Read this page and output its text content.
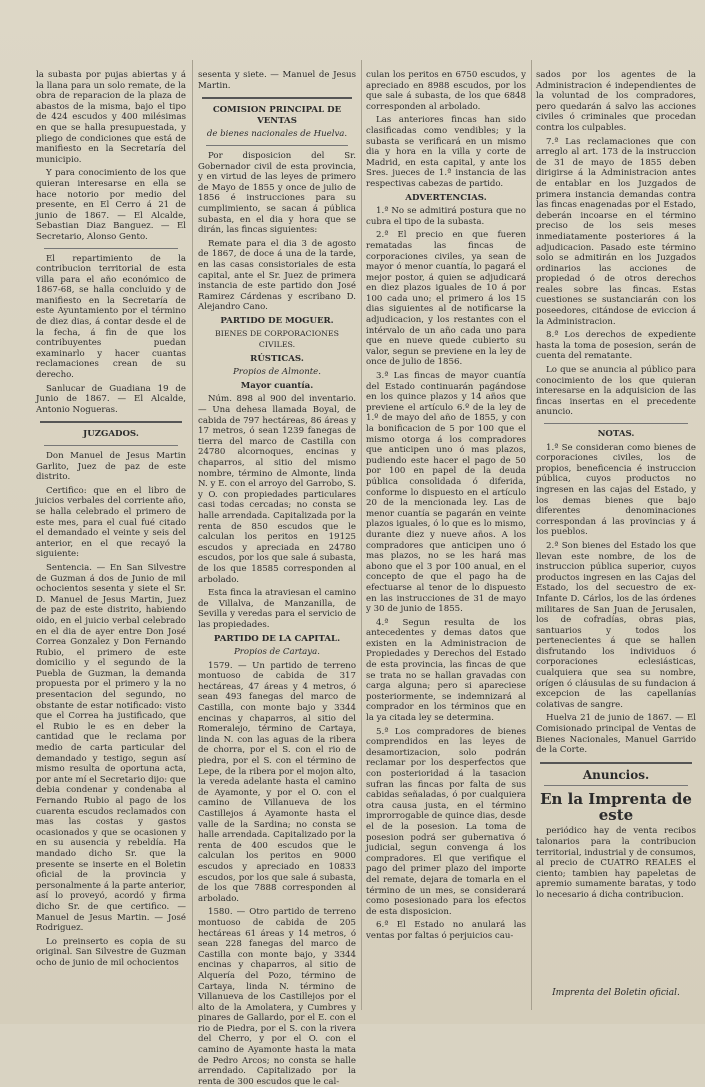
la subasta por pujas abiertas y á la llana para un solo remate, de la obra de reparacion de la plaza de abastos de la misma, bajo el tipo de 424 escudos y 400 milésimas en que se halla presupuestada, y pliego de condiciones que está de manifiesto en la Secretaría del municipio.

Y para conocimiento de los que quieran interesarse en ella se hace notorio por medio del presente, en El Cerro á 21 de junio de 1867. — El Alcalde, Sebastian Diaz Banguez. — El Secretario, Alonso Gento.

El repartimiento de la contribucion territorial de esta villa para el año económico de 1867-68, se halla concluido y de manifiesto en la Secretaría de este Ayuntamiento por el término de diez dias, á contar desde el de la fecha, á fin de que los contribuyentes puedan examinarlo y hacer cuantas reclamaciones crean de su derecho.

Sanlucar de Guadiana 19 de Junio de 1867. — El Alcalde, Antonio Nogueras.

JUZGADOS.

Don Manuel de Jesus Martin Garlito, Juez de paz de este distrito.

Certifico: que en el libro de juicios verbales del corriente año, se halla celebrado el primero de este mes, para el cual fué citado el demandado el veinte y seis del anterior, en el que recayó la siguiente:

Sentencia. — En San Silvestre de Guzman á dos de Junio de mil ochocientos sesenta y siete el Sr. D. Manuel de Jesus Martin, Juez de paz de este distrito, habiendo oido, en el juicio verbal celebrado en el dia de ayer entre Don José Correa Gonzalez y Don Fernando Rubio, el primero de este domicilio y el segundo de la Puebla de Guzman, la demanda propuesta por el primero y la no presentacion del segundo, no obstante de estar notificado: visto que el Correa ha justificado, que el Rubio le es en deber la cantidad que le reclama por medio de carta particular del demandado y testigo, segun así mismo resulta de oportuna acta, por ante mí el Secretario dijo: que debia condenar y condenaba al Fernando Rubio al pago de los cuarenta escudos reclamados con mas las costas y gastos ocasionados y que se ocasionen y en su ausencia y rebeldía. Ha mandado dicho Sr. que la presente se inserte en el Boletin oficial de la provincia y personalmente á la parte anterior, así lo proveyó, acordó y firma dicho Sr. de que certifico. — Manuel de Jesus Martin. — José Rodriguez.

Lo preinserto es copia de su original. San Silvestre de Guzman ocho de junio de mil ochocientos

sesenta y siete. — Manuel de Jesus Martin.

COMISION PRINCIPAL DE VENTAS

de bienes nacionales de Huelva.

Por disposicion del Sr. Gobernador civil de esta provincia, y en virtud de las leyes de primero de Mayo de 1855 y once de julio de 1856 é instrucciones para su cumplimiento, se sacan á pública subasta, en el dia y hora que se dirán, las fincas siguientes:

Remate para el dia 3 de agosto de 1867, de doce á una de la tarde, en las casas consistoriales de esta capital, ante el Sr. Juez de primera instancia de este partido don José Ramirez Cárdenas y escribano D. Alejandro Cano.

PARTIDO DE MOGUER.

BIENES DE CORPORACIONES CIVILES.

RÚSTICAS.

Propios de Almonte.

Mayor cuantía.

Núm. 898 al 900 del inventario. — Una dehesa llamada Boyal, de cabida de 797 hectáreas, 86 áreas y 17 metros, ó sean 1239 fanegas de tierra del marco de Castilla con 24780 alcornoques, encinas y chaparros, al sitio del mismo nombre, término de Almonte, linda N. y E. con el arroyo del Garrobo, S. y O. con propiedades particulares casi todas cercadas; no consta se halle arrendada. Capitalizada por la renta de 850 escudos que le calculan los peritos en 19125 escudos y apreciada en 24780 escudos, por los que sale á subasta, de los que 18585 corresponden al arbolado.

Esta finca la atraviesan el camino de Villalva, de Manzanilla, de Sevilla y veredas para el servicio de las propiedades.

PARTIDO DE LA CAPITAL.

Propios de Cartaya.

1579. — Un partido de terreno montuoso de cabida de 317 hectáreas, 47 áreas y 4 metros, ó sean 493 fanegas del marco de Castilla, con monte bajo y 3344 encinas y chaparros, al sitio del Romeralejo, término de Cartaya, linda N. con las aguas de la ribera de chorra, por el S. con el rio de piedra, por el S. con el término de Lepe, de la ribera por el mojon alto, la vereda adelante hasta el camino de Ayamonte, y por el O. con el camino de Villanueva de los Castillejos á Ayamonte hasta el valle de la Sardina; no consta se halle arrendada. Capitalizado por la renta de 400 escudos que le calculan los peritos en 9000 escudos y apreciado en 10833 escudos, por los que sale á subasta, de los que 7888 corresponden al arbolado.

1580. — Otro partido de terreno montuoso de cabida de 205 hectáreas 61 áreas y 14 metros, ó sean 228 fanegas del marco de Castilla con monte bajo, y 3344 encinas y chaparros, al sitio de Alquería del Pozo, término de Cartaya, linda N. término de Villanueva de los Castillejos por el alto de la Amolatera, y Cumbres y pinares de Gallardo, por el E. con el rio de Piedra, por el S. con la rivera del Cherro, y por el O. con el camino de Ayamonte hasta la mata de Pedro Arcos; no consta se halle arrendado. Capitalizado por la renta de 300 escudos que le cal-

culan los peritos en 6750 escudos, y apreciado en 8988 escudos, por los que sale á subasta, de los que 6848 corresponden al arbolado.

Las anteriores fincas han sido clasificadas como vendibles; y la subasta se verificará en un mismo dia y hora en la villa y corte de Madrid, en esta capital, y ante los Sres. jueces de 1.ª instancia de las respectivas cabezas de partido.

ADVERTENCIAS.

1.ª No se admitirá postura que no cubra el tipo de la subasta.

2.ª El precio en que fueren rematadas las fincas de corporaciones civiles, ya sean de mayor ó menor cuantía, lo pagará el mejor postor, á quien se adjudicará en diez plazos iguales de 10 á por 100 cada uno; el primero á los 15 dias siguientes al de notificarse la adjudicacion, y los restantes con el intérvalo de un año cada uno para que en nueve quede cubierto su valor, segun se previene en la ley de once de julio de 1856.

3.ª Las fincas de mayor cuantía del Estado continuarán pagándose en los quince plazos y 14 años que previene el artículo 6.º de la ley de 1.º de mayo del año de 1855, y con la bonificacion de 5 por 100 que el mismo otorga á los compradores que anticipen uno ó mas plazos, pudiendo este hacer el pago de 50 por 100 en papel de la deuda pública consolidada ó diferida, conforme lo dispuesto en el artículo 20 de la mencionada ley. Las de menor cuantía se pagarán en veinte plazos iguales, ó lo que es lo mismo, durante diez y nueve años. A los compradores que anticipen uno ó mas plazos, no se les hará mas abono que el 3 por 100 anual, en el concepto de que el pago ha de efectuarse al tenor de lo dispuesto en las instrucciones de 31 de mayo y 30 de junio de 1855.

4.ª Segun resulta de los antecedentes y demas datos que existen en la Administracion de Propiedades y Derechos del Estado de esta provincia, las fincas de que se trata no se hallan gravadas con carga alguna; pero si apareciese posteriormente, se indemnizará al comprador en los términos que en la ya citada ley se determina.

5.ª Los compradores de bienes comprendidos en las leyes de desamortizacion, solo podrán reclamar por los desperfectos que con posterioridad á la tasacion sufran las fincas por falta de sus cabidas señaladas, ó por cualquiera otra causa justa, en el término improrrogable de quince dias, desde el de la posesion. La toma de posesion podrá ser gubernativa ó judicial, segun convenga á los compradores. El que verifique el pago del primer plazo del importe del remate, dejara de tomarla en el término de un mes, se considerará como posesionado para los efectos de esta disposicion.

6.ª El Estado no anulará las ventas por faltas ó perjuicios cau-

sados por los agentes de la Administracion é independientes de la voluntad de los compradores, pero quedarán á salvo las acciones civiles ó criminales que procedan contra los culpables.

7.ª Las reclamaciones que con arreglo al art. 173 de la instruccion de 31 de mayo de 1855 deben dirigirse á la Administracion antes de entablar en los Juzgados de primera instancia demandas contra las fincas enagenadas por el Estado, deberán incoarse en el término preciso de los seis meses inmediatamente posteriores á la adjudicacion. Pasado este término solo se admitirán en los Juzgados ordinarios las acciones de propiedad ó de otros derechos reales sobre las fincas. Estas cuestiones se sustanciarán con los poseedores, citándose de eviccion á la Administracion.

8.ª Los derechos de expediente hasta la toma de posesion, serán de cuenta del rematante.

Lo que se anuncia al público para conocimiento de los que quieran interesarse en la adquisicion de las fincas insertas en el precedente anuncio.

NOTAS.

1.ª Se consideran como bienes de corporaciones civiles, los de propios, beneficencia é instruccion pública, cuyos productos no ingresen en las cajas del Estado, y los demas bienes que bajo diferentes denominaciones correspondan á las provincias y á los pueblos.

2.ª Son bienes del Estado los que llevan este nombre, de los de instruccion pública superior, cuyos productos ingresen en las Cajas del Estado, los del secuestro de ex-Infante D. Cárlos, los de las órdenes militares de San Juan de Jerusalen, los de cofradías, obras pias, santuarios y todos los pertenecientes á que se hallen disfrutando los individuos ó corporaciones eclesiásticas, cualquiera que sea su nombre, orígen ó cláusulas de su fundacion á excepcion de las capellanías colativas de sangre.

Huelva 21 de junio de 1867. — El Comisionado principal de Ventas de Bienes Nacionales, Manuel Garrido de la Corte.

Anuncios.

En la Imprenta de este

periódico hay de venta recibos talonarios para la contribucion territorial, industrial y de consumos, al precio de CUATRO REALES el ciento; tambien hay papeletas de apremio sumamente baratas, y todo lo necesario á dicha contribucion.

Imprenta del Boletin oficial.
